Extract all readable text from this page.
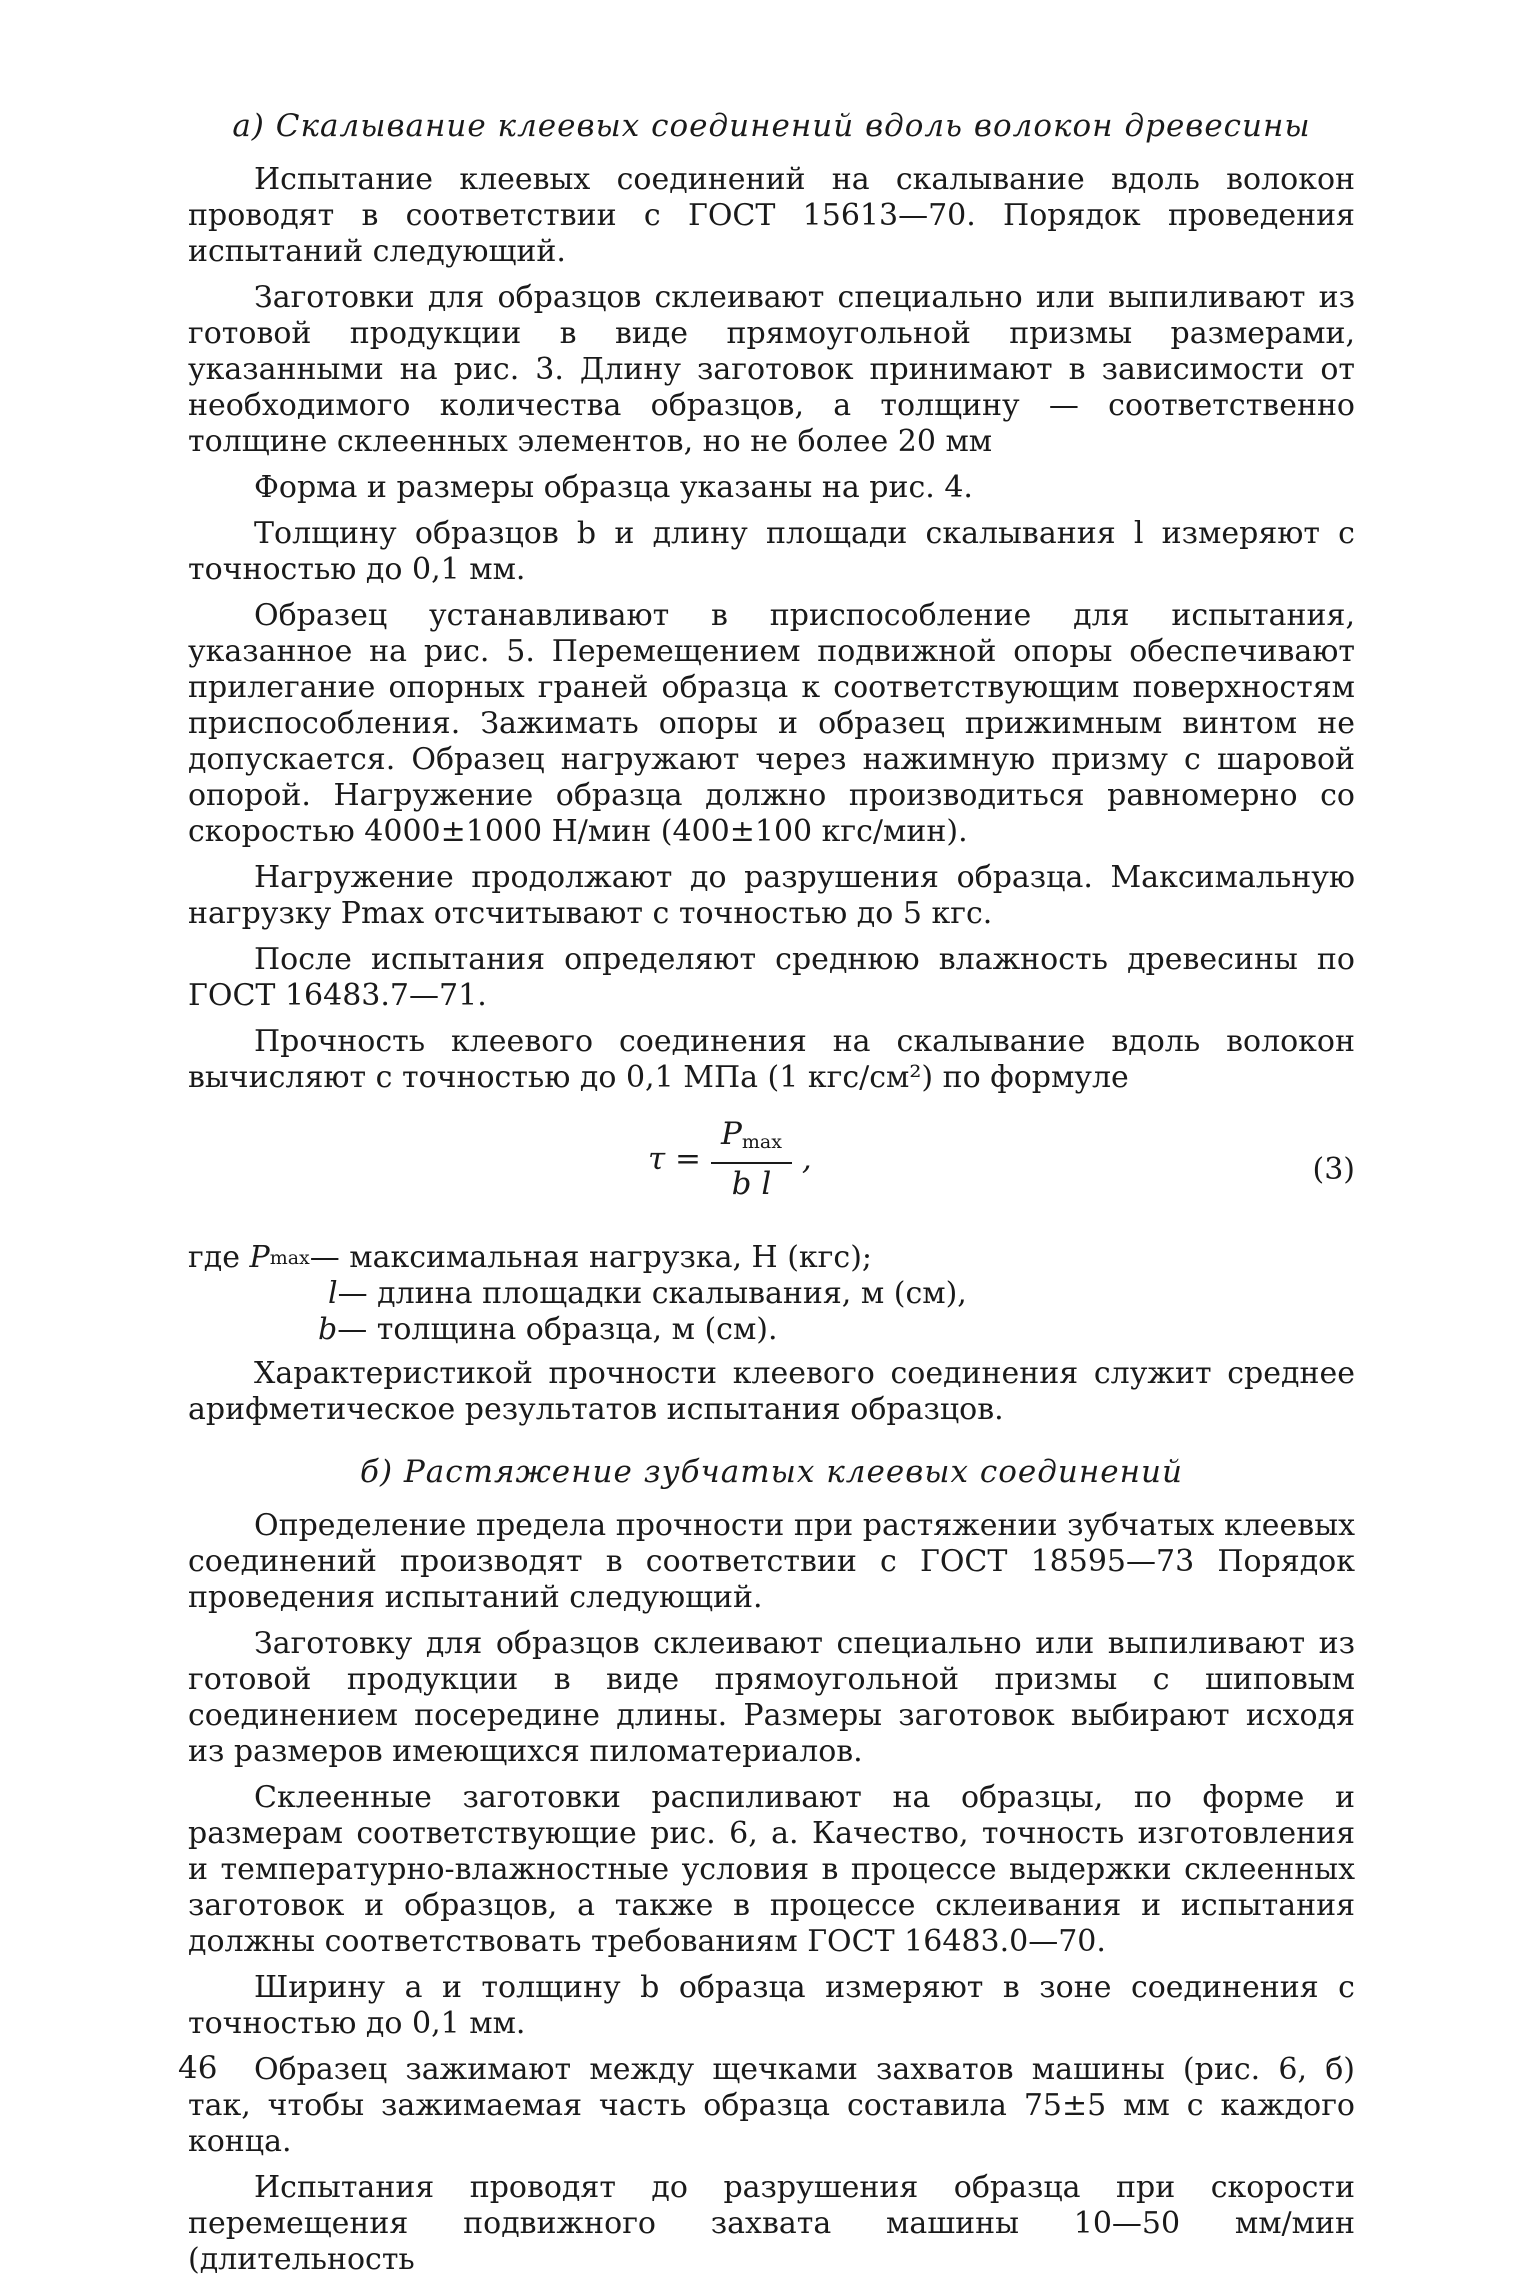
а) Скалывание клеевых соединений вдоль волокон древесины

Испытание клеевых соединений на скалывание вдоль волокон проводят в соответствии с ГОСТ 15613—70. Порядок проведения испытаний следующий.

Заготовки для образцов склеивают специально или выпиливают из готовой продукции в виде прямоугольной призмы размерами, указанными на рис. 3. Длину заготовок принимают в зависимости от необходимого количества образцов, а толщину — соответственно толщине склеенных элементов, но не более 20 мм

Форма и размеры образца указаны на рис. 4.

Толщину образцов b и длину площади скалывания l измеряют с точностью до 0,1 мм.

Образец устанавливают в приспособление для испытания, указанное на рис. 5. Перемещением подвижной опоры обеспечивают прилегание опорных граней образца к соответствующим поверхностям приспособления. Зажимать опоры и образец прижимным винтом не допускается. Образец нагружают через нажимную призму с шаровой опорой. Нагружение образца должно производиться равномерно со скоростью 4000±1000 Н/мин (400±100 кгс/мин).

Нагружение продолжают до разрушения образца. Максимальную нагрузку Pmax отсчитывают с точностью до 5 кгс.

После испытания определяют среднюю влажность древесины по ГОСТ 16483.7—71.

Прочность клеевого соединения на скалывание вдоль волокон вычисляют с точностью до 0,1 МПа (1 кгс/см²) по формуле

$\tau = \frac{P_{max}}{\text{b l}}$ ,	(3)
где
P max — максимальная нагрузка, Н (кгс);
l — длина площадки скалывания, м (см),
b — толщина образца, м (см).

Характеристикой прочности клеевого соединения служит среднее арифметическое результатов испытания образцов.

б) Растяжение зубчатых клеевых соединений

Определение предела прочности при растяжении зубчатых клеевых соединений производят в соответствии с ГОСТ 18595—73 Порядок проведения испытаний следующий.

Заготовку для образцов склеивают специально или выпиливают из готовой продукции в виде прямоугольной призмы с шиповым соединением посередине длины. Размеры заготовок выбирают исходя из размеров имеющихся пиломатериалов.

Склеенные заготовки распиливают на образцы, по форме и размерам соответствующие рис. 6, а. Качество, точность изготовления и температурно-влажностные условия в процессе выдержки склеенных заготовок и образцов, а также в процессе склеивания и испытания должны соответствовать требованиям ГОСТ 16483.0—70.

Ширину a и толщину b образца измеряют в зоне соединения с точностью до 0,1 мм.

Образец зажимают между щечками захватов машины (рис. 6, б) так, чтобы зажимаемая часть образца составила 75±5 мм с каждого конца.

Испытания проводят до разрушения образца при скорости перемещения подвижного захвата машины 10—50 мм/мин (длительность

46
